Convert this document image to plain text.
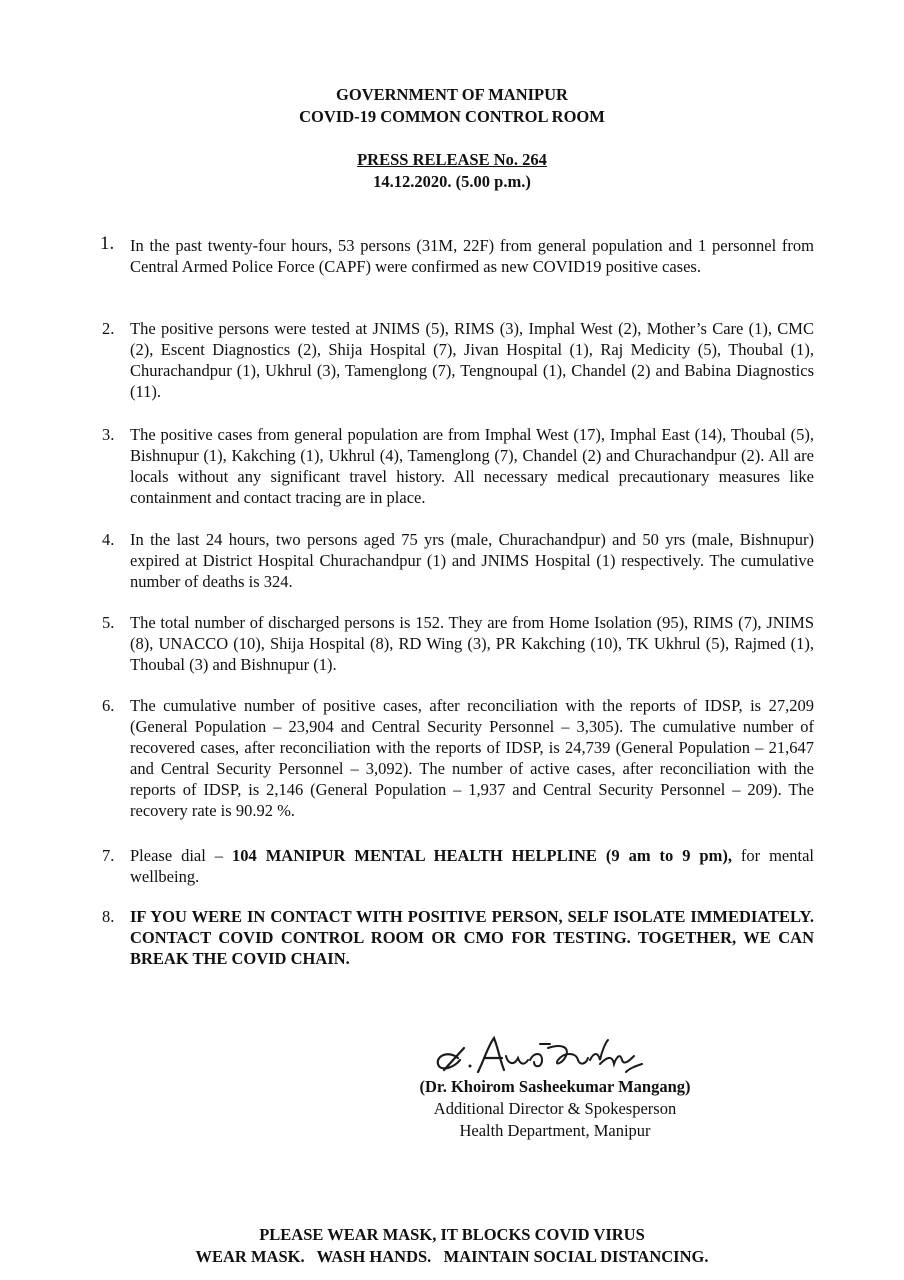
GOVERNMENT OF MANIPUR
COVID-19 COMMON CONTROL ROOM
PRESS RELEASE No. 264
14.12.2020. (5.00 p.m.)
1. In the past twenty-four hours, 53 persons (31M, 22F) from general population and 1 personnel from Central Armed Police Force (CAPF) were confirmed as new COVID19 positive cases.
2. The positive persons were tested at JNIMS (5), RIMS (3), Imphal West (2), Mother’s Care (1), CMC (2), Escent Diagnostics (2), Shija Hospital (7), Jivan Hospital (1), Raj Medicity (5), Thoubal (1), Churachandpur (1), Ukhrul (3), Tamenglong (7), Tengnoupal (1), Chandel (2) and Babina Diagnostics (11).
3. The positive cases from general population are from Imphal West (17), Imphal East (14), Thoubal (5), Bishnupur (1), Kakching (1), Ukhrul (4), Tamenglong (7), Chandel (2) and Churachandpur (2). All are locals without any significant travel history. All necessary medical precautionary measures like containment and contact tracing are in place.
4. In the last 24 hours, two persons aged 75 yrs (male, Churachandpur) and 50 yrs (male, Bishnupur) expired at District Hospital Churachandpur (1) and JNIMS Hospital (1) respectively. The cumulative number of deaths is 324.
5. The total number of discharged persons is 152. They are from Home Isolation (95), RIMS (7), JNIMS (8), UNACCO (10), Shija Hospital (8), RD Wing (3), PR Kakching (10), TK Ukhrul (5), Rajmed (1), Thoubal (3) and Bishnupur (1).
6. The cumulative number of positive cases, after reconciliation with the reports of IDSP, is 27,209 (General Population – 23,904 and Central Security Personnel – 3,305). The cumulative number of recovered cases, after reconciliation with the reports of IDSP, is 24,739 (General Population – 21,647 and Central Security Personnel – 3,092). The number of active cases, after reconciliation with the reports of IDSP, is 2,146 (General Population – 1,937 and Central Security Personnel – 209). The recovery rate is 90.92 %.
7. Please dial – 104 MANIPUR MENTAL HEALTH HELPLINE (9 am to 9 pm), for mental wellbeing.
8. IF YOU WERE IN CONTACT WITH POSITIVE PERSON, SELF ISOLATE IMMEDIATELY. CONTACT COVID CONTROL ROOM OR CMO FOR TESTING. TOGETHER, WE CAN BREAK THE COVID CHAIN.
(Dr. Khoirom Sasheekumar Mangang)
Additional Director & Spokesperson
Health Department, Manipur
PLEASE WEAR MASK, IT BLOCKS COVID VIRUS
WEAR MASK.   WASH HANDS.   MAINTAIN SOCIAL DISTANCING.
